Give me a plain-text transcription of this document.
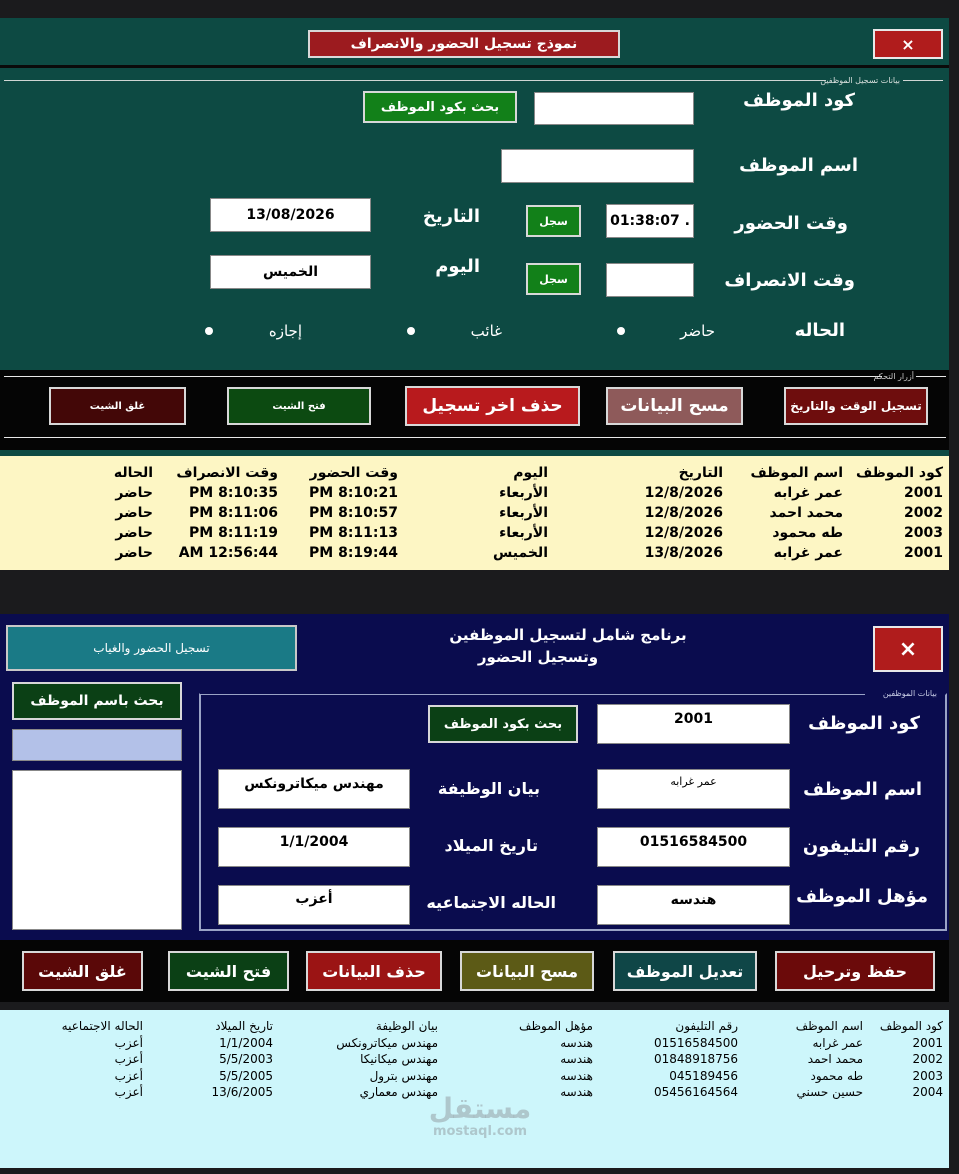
نموذج تسجيل الحضور والانصراف	×
بيانات تسجيل الموظفين
كود الموظف
بحث بكود الموظف
اسم الموظف
وقت الحضور
01:38:07 .
سجل
وقت الانصراف
سجل
التاريخ
13/08/2026
اليوم
الخميس
الحاله
حاضر
غائب
إجازه
أزرار التحكم
تسجيل الوقت والتاريخ
مسح البيانات
حذف اخر تسجيل
فتح الشيت
غلق الشيت
كود الموظف	اسم الموظف	التاريخ	اليوم	وقت الحضور	وقت الانصراف	الحاله
2001	عمر غرابه	12/8/2026	الأربعاء	8:10:21 PM	8:10:35 PM	حاضر
2002	محمد احمد	12/8/2026	الأربعاء	8:10:57 PM	8:11:06 PM	حاضر
2003	طه محمود	12/8/2026	الأربعاء	8:11:13 PM	8:11:19 PM	حاضر
2001	عمر غرابه	13/8/2026	الخميس	8:19:44 PM	12:56:44 AM	حاضر
تسجيل الحضور والغياب
برنامج شامل لتسجيل الموظفين
وتسجيل الحضور	×
بحث باسم الموظف	بيانات الموظفين
كود الموظف
2001
بحث بكود الموظف
اسم الموظف
عمر غرابه
بيان الوظيفة
مهندس ميكاترونكس
رقم التليفون
01516584500
تاريخ الميلاد
1/1/2004
مؤهل الموظف
هندسه
الحاله الاجتماعيه
أعزب
حفظ وترحيل
تعديل الموظف
مسح البيانات
حذف البيانات
فتح الشيت
غلق الشيت
كود الموظف	اسم الموظف	رقم التليفون	مؤهل الموظف	بيان الوظيفة	تاريخ الميلاد	الحاله الاجتماعيه
2001	عمر غرابه	01516584500	هندسه	مهندس ميكاترونكس	1/1/2004	أعزب
2002	محمد احمد	01848918756	هندسه	مهندس ميكانيكا	5/5/2003	أعزب
2003	طه محمود	045189456	هندسه	مهندس بترول	5/5/2005	أعزب
2004	حسين حسني	05456164564	هندسه	مهندس معماري	13/6/2005	أعزب	مستقل
mostaql.com
